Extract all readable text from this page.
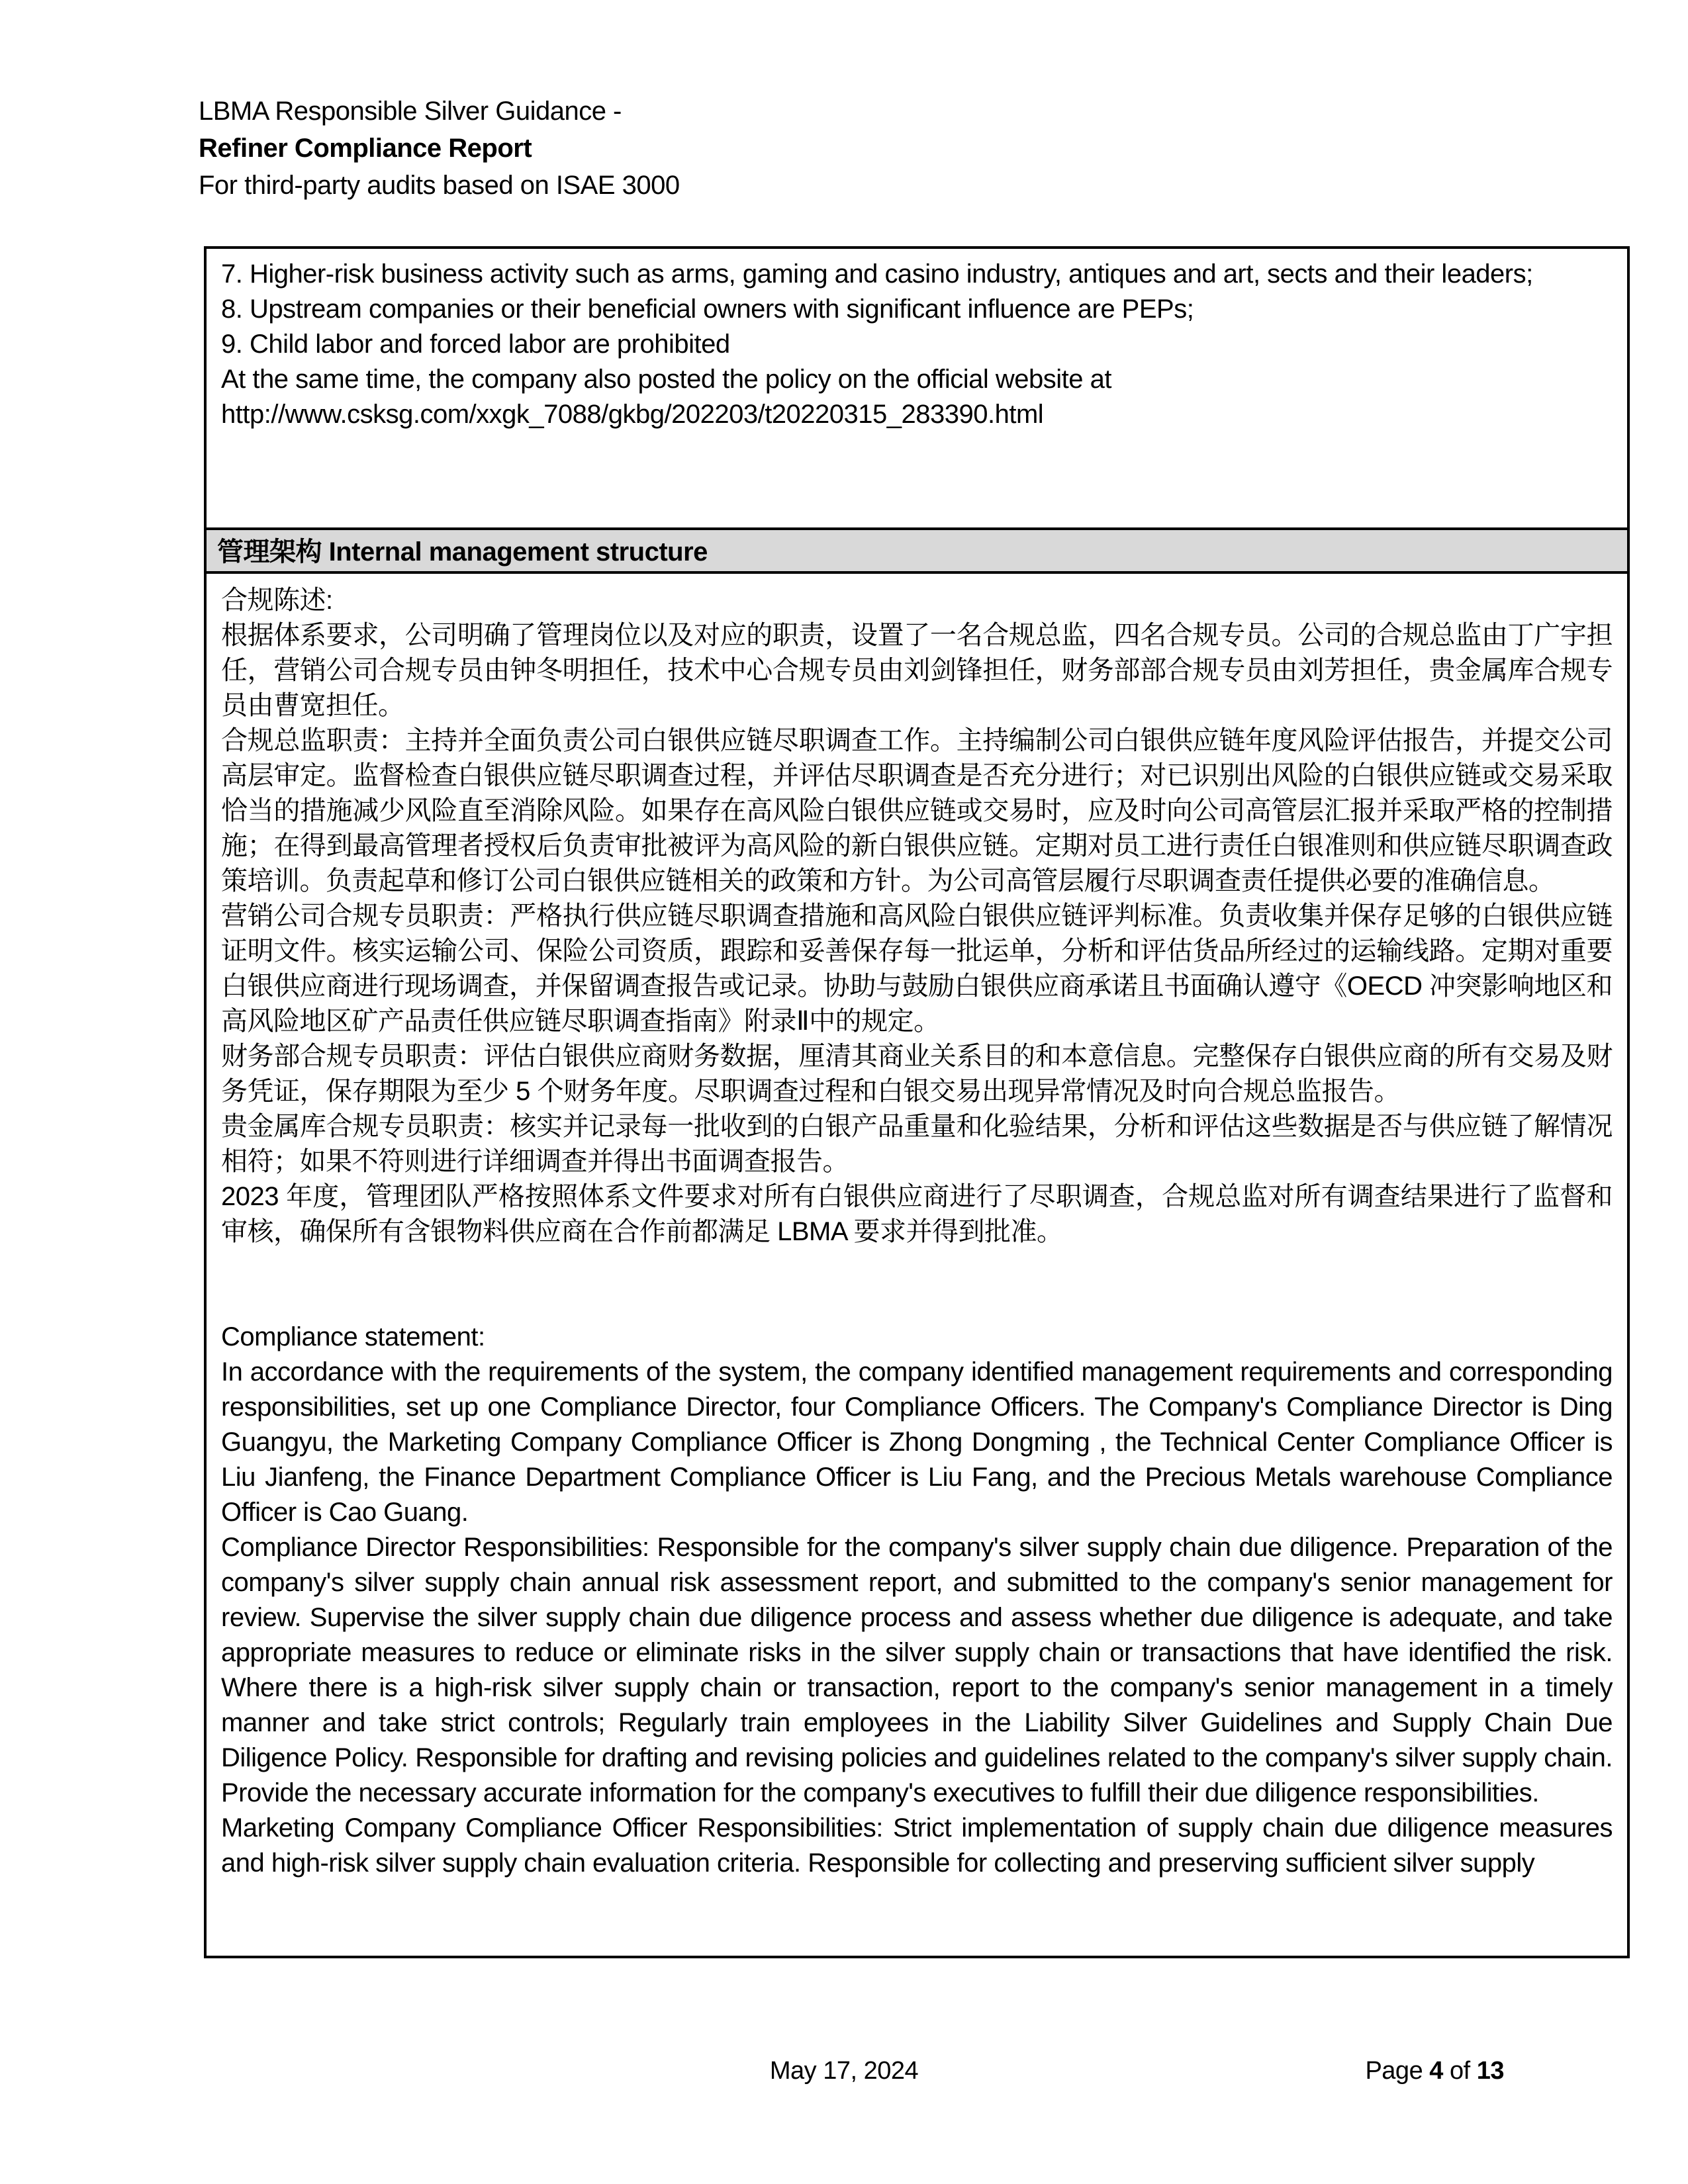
LBMA Responsible Silver Guidance -
Refiner Compliance Report
For third-party audits based on ISAE 3000
7. Higher-risk business activity such as arms, gaming and casino industry, antiques and art, sects and their leaders;
8. Upstream companies or their beneficial owners with significant influence are PEPs;
9. Child labor and forced labor are prohibited
At the same time, the company also posted the policy on the official website at
http://www.csksg.com/xxgk_7088/gkbg/202203/t20220315_283390.html
管理架构 Internal management structure
合规陈述:
根据体系要求，公司明确了管理岗位以及对应的职责，设置了一名合规总监，四名合规专员。公司的合规总监由丁广宇担任，营销公司合规专员由钟冬明担任，技术中心合规专员由刘剑锋担任，财务部部合规专员由刘芳担任，贵金属库合规专员由曹宽担任。
合规总监职责：主持并全面负责公司白银供应链尽职调查工作。主持编制公司白银供应链年度风险评估报告，并提交公司高层审定。监督检查白银供应链尽职调查过程，并评估尽职调查是否充分进行；对已识别出风险的白银供应链或交易采取恰当的措施减少风险直至消除风险。如果存在高风险白银供应链或交易时，应及时向公司高管层汇报并采取严格的控制措施；在得到最高管理者授权后负责审批被评为高风险的新白银供应链。定期对员工进行责任白银准则和供应链尽职调查政策培训。负责起草和修订公司白银供应链相关的政策和方针。为公司高管层履行尽职调查责任提供必要的准确信息。
营销公司合规专员职责：严格执行供应链尽职调查措施和高风险白银供应链评判标准。负责收集并保存足够的白银供应链证明文件。核实运输公司、保险公司资质，跟踪和妥善保存每一批运单，分析和评估货品所经过的运输线路。定期对重要白银供应商进行现场调查，并保留调查报告或记录。协助与鼓励白银供应商承诺且书面确认遵守《OECD 冲突影响地区和高风险地区矿产品责任供应链尽职调查指南》附录Ⅱ中的规定。
财务部合规专员职责：评估白银供应商财务数据，厘清其商业关系目的和本意信息。完整保存白银供应商的所有交易及财务凭证，保存期限为至少 5 个财务年度。尽职调查过程和白银交易出现异常情况及时向合规总监报告。
贵金属库合规专员职责：核实并记录每一批收到的白银产品重量和化验结果，分析和评估这些数据是否与供应链了解情况相符；如果不符则进行详细调查并得出书面调查报告。
2023 年度，管理团队严格按照体系文件要求对所有白银供应商进行了尽职调查，合规总监对所有调查结果进行了监督和审核，确保所有含银物料供应商在合作前都满足 LBMA 要求并得到批准。
Compliance statement:
In accordance with the requirements of the system, the company identified management requirements and corresponding responsibilities, set up one Compliance Director, four Compliance Officers. The Company's Compliance Director is Ding Guangyu, the Marketing Company Compliance Officer is Zhong Dongming , the Technical Center Compliance Officer is Liu Jianfeng, the Finance Department Compliance Officer is Liu Fang, and the Precious Metals warehouse Compliance Officer is Cao Guang.
Compliance Director Responsibilities: Responsible for the company's silver supply chain due diligence. Preparation of the company's silver supply chain annual risk assessment report, and submitted to the company's senior management for review. Supervise the silver supply chain due diligence process and assess whether due diligence is adequate, and take appropriate measures to reduce or eliminate risks in the silver supply chain or transactions that have identified the risk. Where there is a high-risk silver supply chain or transaction, report to the company's senior management in a timely manner and take strict controls; Regularly train employees in the Liability Silver Guidelines and Supply Chain Due Diligence Policy. Responsible for drafting and revising policies and guidelines related to the company's silver supply chain. Provide the necessary accurate information for the company's executives to fulfill their due diligence responsibilities.
Marketing Company Compliance Officer Responsibilities: Strict implementation of supply chain due diligence measures and high-risk silver supply chain evaluation criteria. Responsible for collecting and preserving sufficient silver supply
May 17, 2024	Page 4 of 13
